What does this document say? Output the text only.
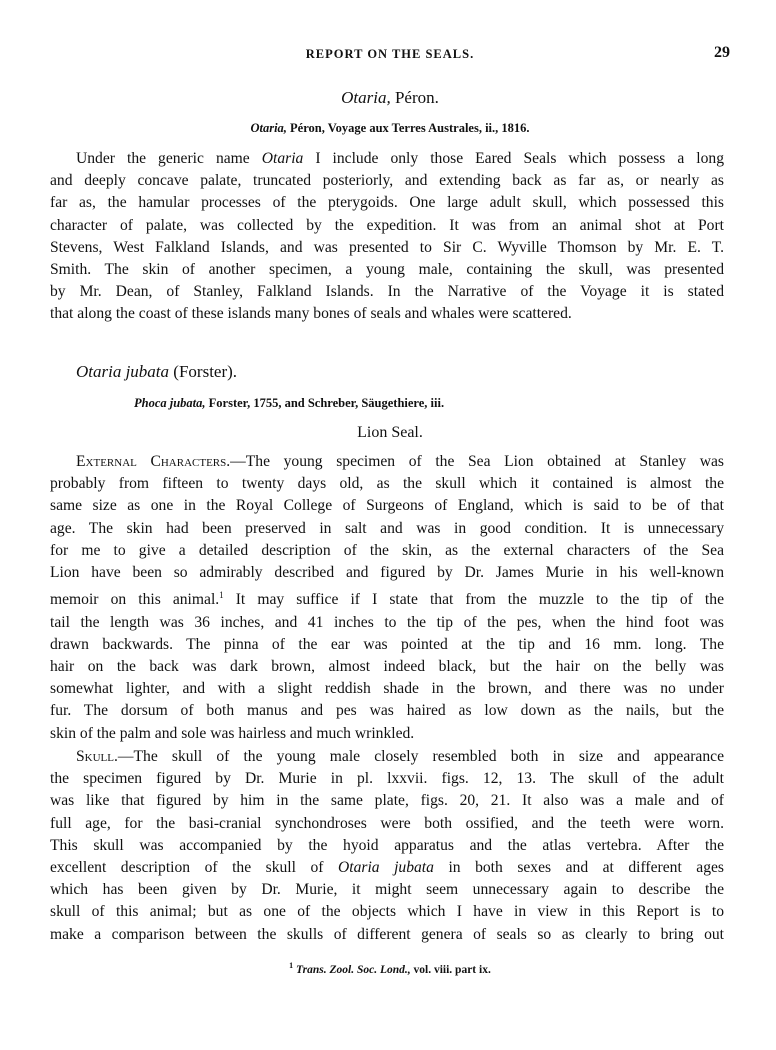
REPORT ON THE SEALS.	29
Otaria, Péron.
Otaria, Péron, Voyage aux Terres Australes, ii., 1816.

Under the generic name Otaria I include only those Eared Seals which possess a long
and deeply concave palate, truncated posteriorly, and extending back as far as, or nearly as
far as, the hamular processes of the pterygoids. One large adult skull, which possessed this
character of palate, was collected by the expedition. It was from an animal shot at Port
Stevens, West Falkland Islands, and was presented to Sir C. Wyville Thomson by Mr. E. T.
Smith. The skin of another specimen, a young male, containing the skull, was presented
by Mr. Dean, of Stanley, Falkland Islands. In the Narrative of the Voyage it is stated
that along the coast of these islands many bones of seals and whales were scattered.

Otaria jubata (Forster).
Phoca jubata, Forster, 1755, and Schreber, Säugethiere, iii.
Lion Seal.

External Characters.—The young specimen of the Sea Lion obtained at Stanley was
probably from fifteen to twenty days old, as the skull which it contained is almost the
same size as one in the Royal College of Surgeons of England, which is said to be of that
age. The skin had been preserved in salt and was in good condition. It is unnecessary
for me to give a detailed description of the skin, as the external characters of the Sea
Lion have been so admirably described and figured by Dr. James Murie in his well-known
memoir on this animal.$^1$ It may suffice if I state that from the muzzle to the tip of the
tail the length was 36 inches, and 41 inches to the tip of the pes, when the hind foot was
drawn backwards. The pinna of the ear was pointed at the tip and 16 mm. long. The
hair on the back was dark brown, almost indeed black, but the hair on the belly was
somewhat lighter, and with a slight reddish shade in the brown, and there was no under
fur. The dorsum of both manus and pes was haired as low down as the nails, but the
skin of the palm and sole was hairless and much wrinkled.

Skull.—The skull of the young male closely resembled both in size and appearance
the specimen figured by Dr. Murie in pl. lxxvii. figs. 12, 13. The skull of the adult
was like that figured by him in the same plate, figs. 20, 21. It also was a male and of
full age, for the basi-cranial synchondroses were both ossified, and the teeth were worn.
This skull was accompanied by the hyoid apparatus and the atlas vertebra. After the
excellent description of the skull of Otaria jubata in both sexes and at different ages
which has been given by Dr. Murie, it might seem unnecessary again to describe the
skull of this animal; but as one of the objects which I have in view in this Report is to
make a comparison between the skulls of different genera of seals so as clearly to bring out

$^1$ Trans. Zool. Soc. Lond., vol. viii. part ix.
